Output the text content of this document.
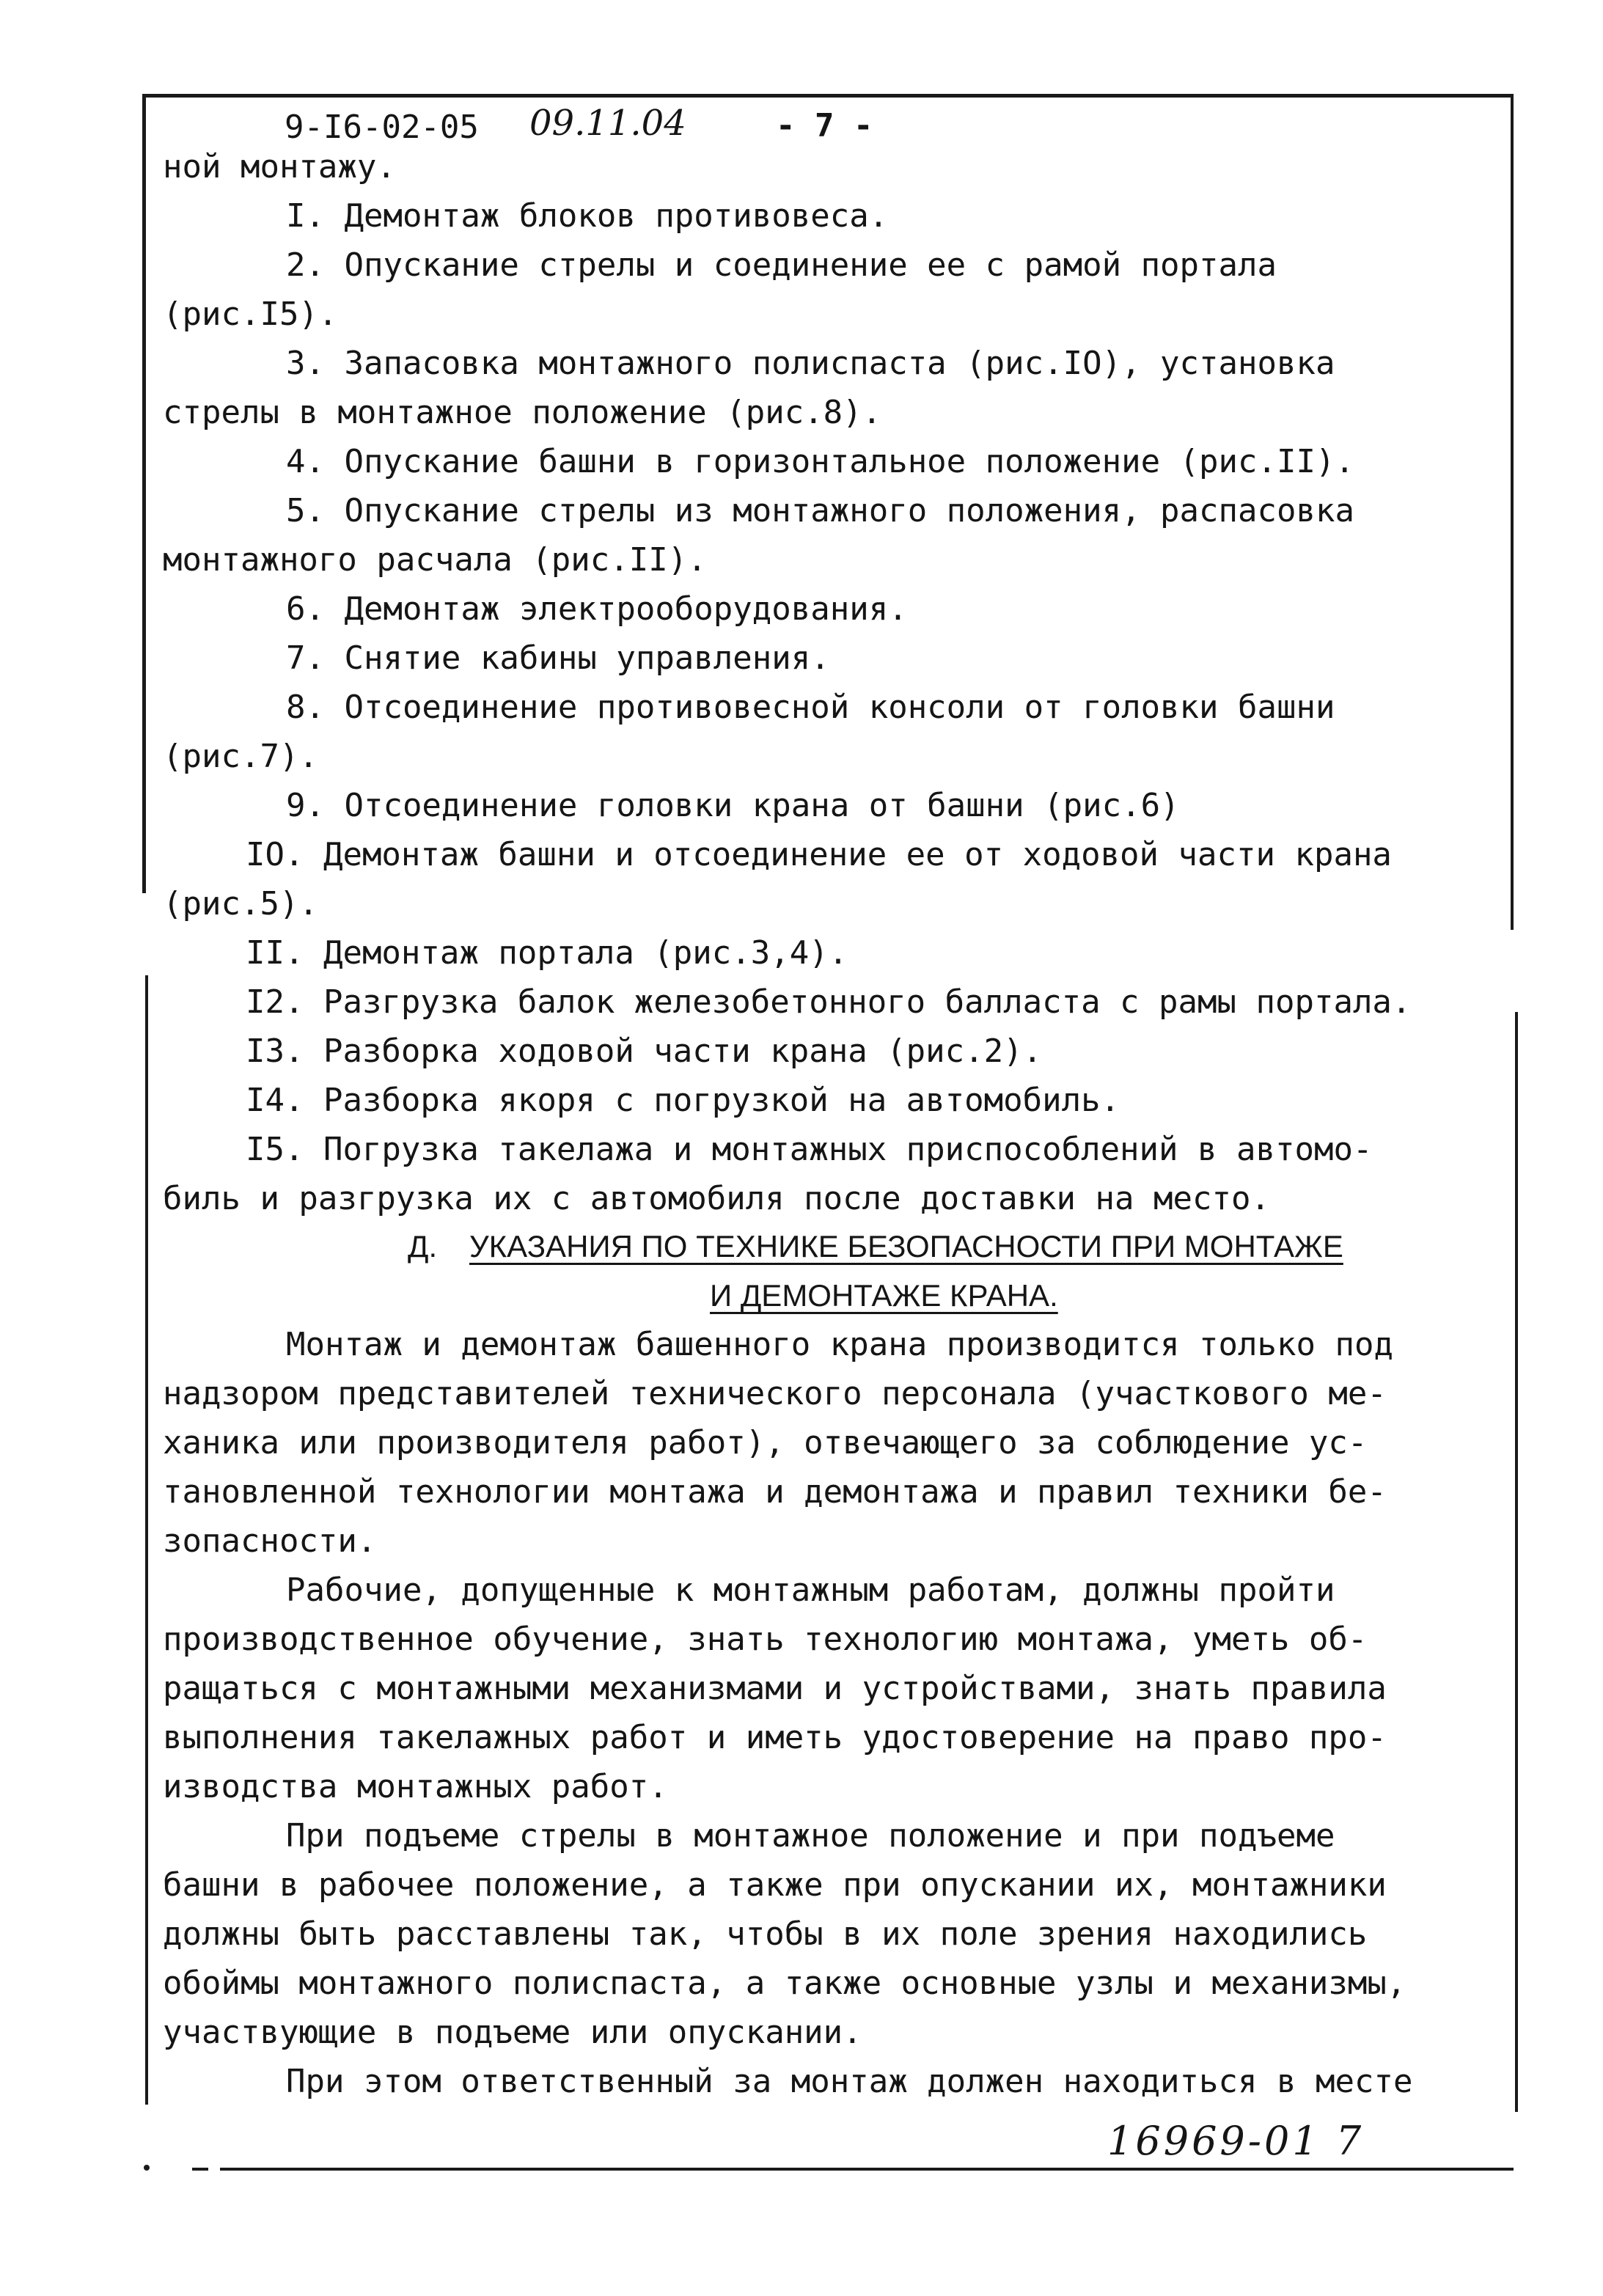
9-I6-02-05 09.11.04	- 7 -

ной монтажу.

I. Демонтаж блоков противовеса.

2. Опускание стрелы и соединение ее с рамой портала

(рис.I5).

3. Запасовка монтажного полиспаста (рис.IO), установка

стрелы в монтажное положение (рис.8).

4. Опускание башни в горизонтальное положение (рис.II).

5. Опускание стрелы из монтажного положения, распасовка

монтажного расчала (рис.II).

6. Демонтаж электрооборудования.

7. Снятие кабины управления.

8. Отсоединение противовесной консоли от головки башни

(рис.7).

9. Отсоединение головки крана от башни (рис.6)

IO. Демонтаж башни и отсоединение ее от ходовой части крана

(рис.5).

II. Демонтаж портала (рис.3,4).

I2. Разгрузка балок железобетонного балласта с рамы портала.

I3. Разборка ходовой части крана (рис.2).

I4. Разборка якоря с погрузкой на автомобиль.

I5. Погрузка такелажа и монтажных приспособлений в автомо-

биль и разгрузка их с автомобиля после доставки на место.

Д. УКАЗАНИЯ ПО ТЕХНИКЕ БЕЗОПАСНОСТИ ПРИ МОНТАЖЕ
И ДЕМОНТАЖЕ КРАНА.

Монтаж и демонтаж башенного крана производится только под

надзором представителей технического персонала (участкового ме-

ханика или производителя работ), отвечающего за соблюдение ус-

тановленной технологии монтажа и демонтажа и правил техники бе-

зопасности.

Рабочие, допущенные к монтажным работам, должны пройти

производственное обучение, знать технологию монтажа, уметь об-

ращаться с монтажными механизмами и устройствами, знать правила

выполнения такелажных работ и иметь удостоверение на право про-

изводства монтажных работ.

При подъеме стрелы в монтажное положение и при подъеме

башни в рабочее положение, а также при опускании их, монтажники

должны быть расставлены так, чтобы в их поле зрения находились

обоймы монтажного полиспаста, а также основные узлы и механизмы,

участвующие в подъеме или опускании.

При этом ответственный за монтаж должен находиться в месте

16969-01 7
